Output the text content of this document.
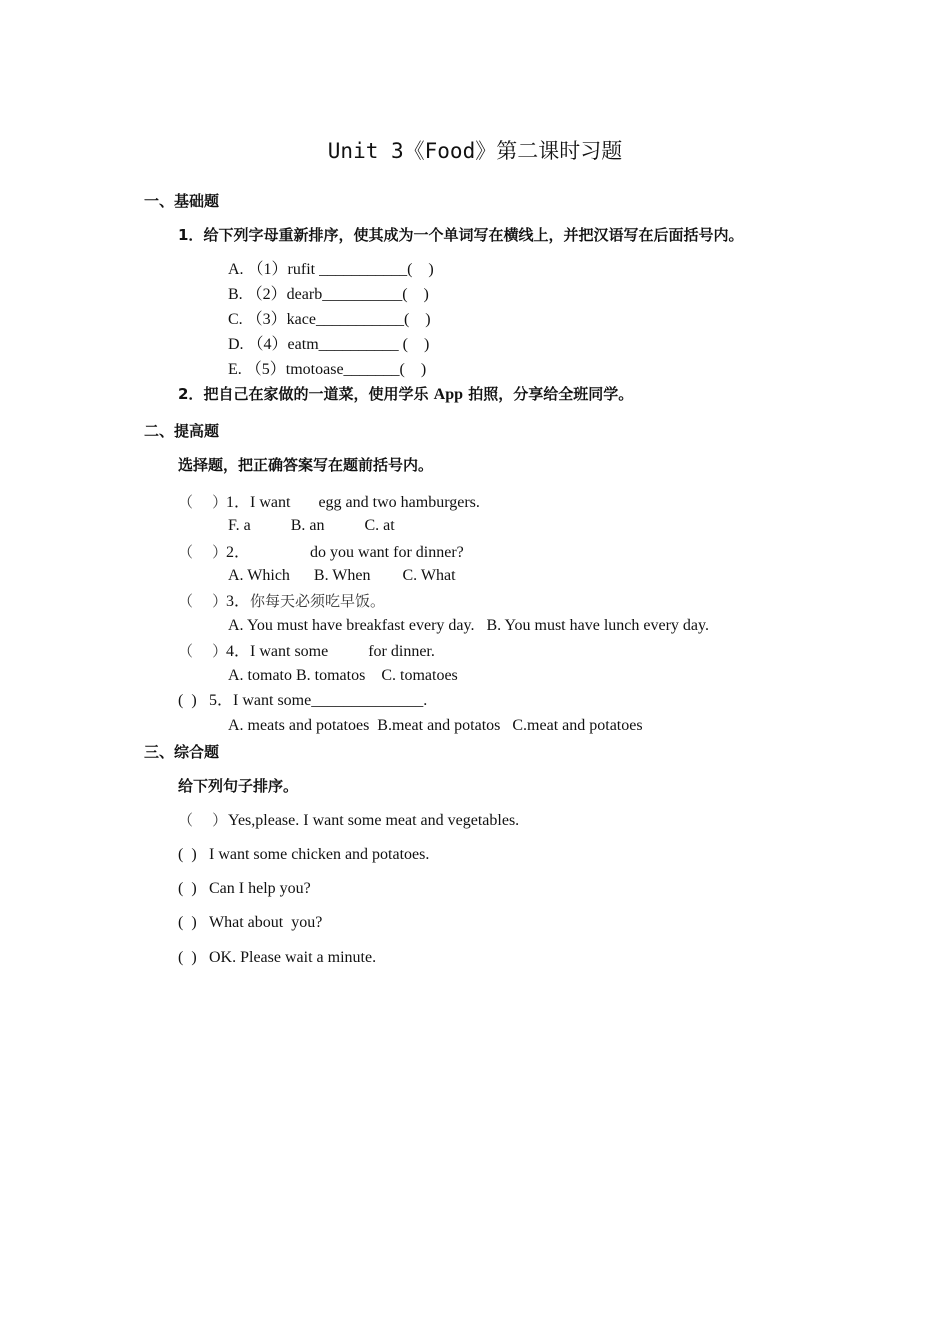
Unit 3《Food》第二课时习题
一、基础题
1．给下列字母重新排序，使其成为一个单词写在横线上，并把汉语写在后面括号内。
A. （1）rufit ___________(    )
B. （2）dearb__________(    )
C. （3）kace___________(    )
D. （4）eatm__________ (    )
E. （5）tmotoase_______(    )
2．把自己在家做的一道菜，使用学乐 App 拍照，分享给全班同学。
二、提高题
选择题，把正确答案写在题前括号内。
（    ）1．I want       egg and two hamburgers.
F. a          B. an          C. at
（    ）2．               do you want for dinner?
A. Which      B. When        C. What
（    ）3．你每天必须吃早饭。
A. You must have breakfast every day.   B. You must have lunch every day.
（    ）4．I want some          for dinner.
A. tomato B. tomatos    C. tomatoes
(  ) 5．I want some______________.
A. meats and potatoes  B.meat and potatos   C.meat and potatoes
三、综合题
给下列句子排序。
（    ）Yes,please. I want some meat and vegetables.
(  ) I want some chicken and potatoes.
(  ) Can I help you?
(  ) What about  you?
(  ) OK. Please wait a minute.
